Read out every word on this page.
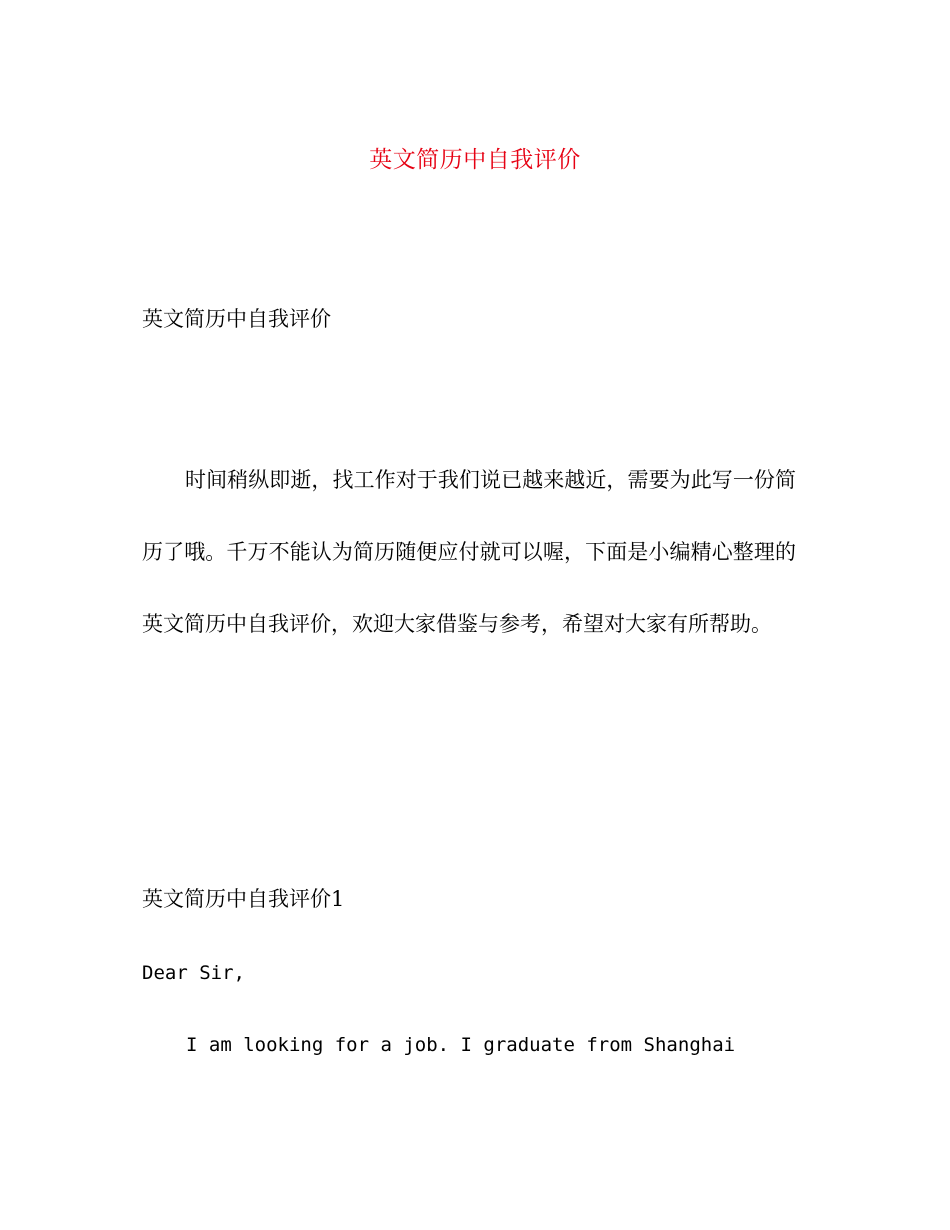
英文简历中自我评价
英文简历中自我评价

时间稍纵即逝，找工作对于我们说已越来越近，需要为此写一份简历了哦。千万不能认为简历随便应付就可以喔，下面是小编精心整理的英文简历中自我评价，欢迎大家借鉴与参考，希望对大家有所帮助。

英文简历中自我评价1
Dear Sir,
I am looking for a job. I graduate from Shanghai
